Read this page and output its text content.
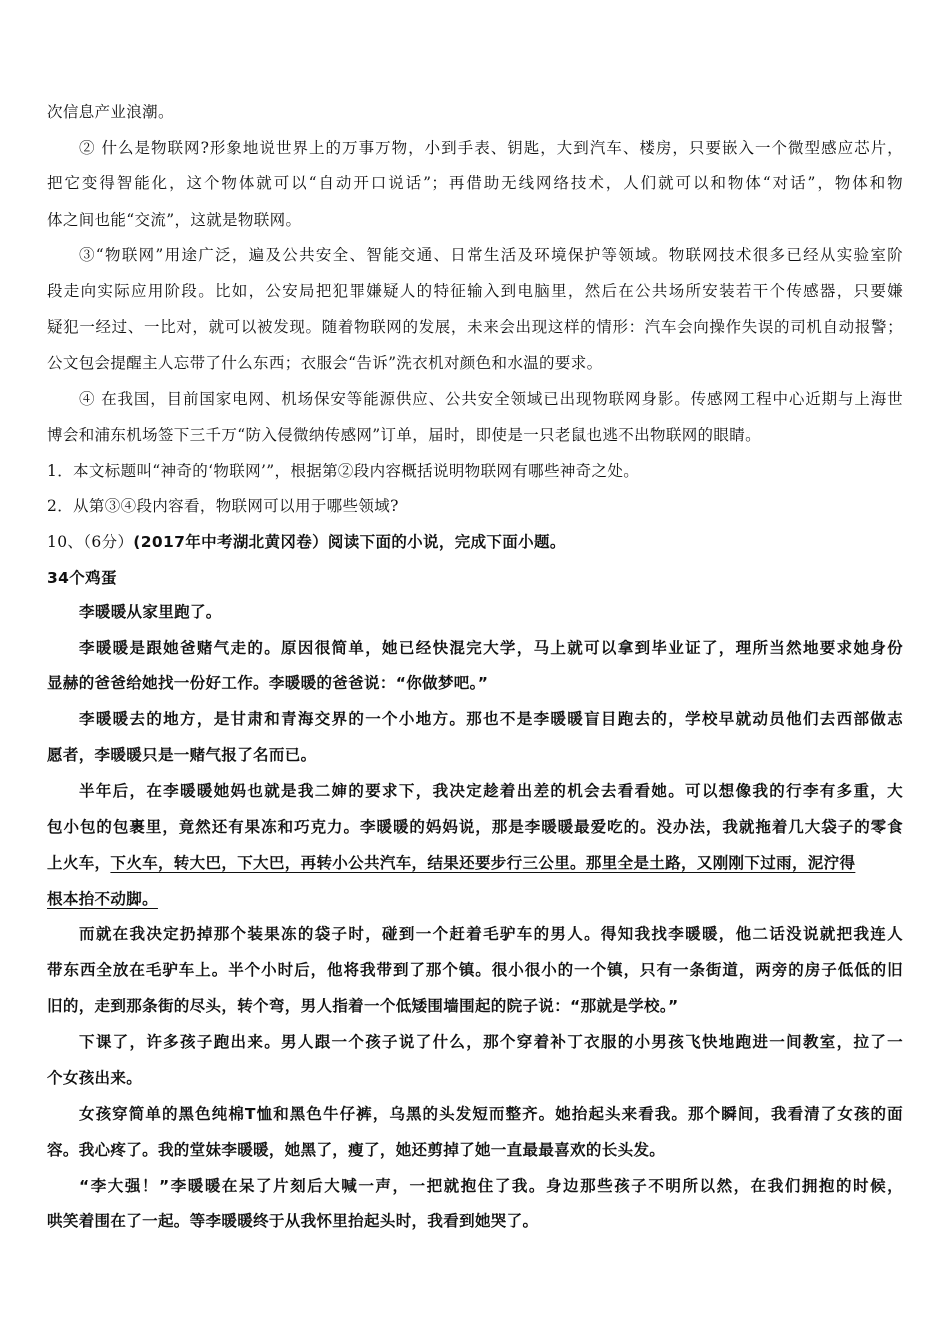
次信息产业浪潮。
② 什么是物联网?形象地说世界上的万事万物，小到手表、钥匙，大到汽车、楼房，只要嵌入一个微型感应芯片，
把它变得智能化，这个物体就可以“自动开口说话”；再借助无线网络技术，人们就可以和物体“对话”，物体和物
体之间也能“交流”，这就是物联网。
③“物联网”用途广泛，遍及公共安全、智能交通、日常生活及环境保护等领域。物联网技术很多已经从实验室阶
段走向实际应用阶段。比如，公安局把犯罪嫌疑人的特征输入到电脑里，然后在公共场所安装若干个传感器，只要嫌
疑犯一经过、一比对，就可以被发现。随着物联网的发展，未来会出现这样的情形：汽车会向操作失误的司机自动报警；
公文包会提醒主人忘带了什么东西；衣服会“告诉”洗衣机对颜色和水温的要求。
④ 在我国，目前国家电网、机场保安等能源供应、公共安全领域已出现物联网身影。传感网工程中心近期与上海世
博会和浦东机场签下三千万“防入侵微纳传感网”订单，届时，即使是一只老鼠也逃不出物联网的眼睛。
1．本文标题叫“神奇的‘物联网’”，根据第②段内容概括说明物联网有哪些神奇之处。
2．从第③④段内容看，物联网可以用于哪些领域?
10、（6分）(2017年中考湖北黄冈卷）阅读下面的小说，完成下面小题。
34个鸡蛋
李暖暖从家里跑了。
李暖暖是跟她爸赌气走的。原因很简单，她已经快混完大学，马上就可以拿到毕业证了，理所当然地要求她身份
显赫的爸爸给她找一份好工作。李暖暖的爸爸说：“你做梦吧。”
李暖暖去的地方，是甘肃和青海交界的一个小地方。那也不是李暖暖盲目跑去的，学校早就动员他们去西部做志
愿者，李暖暖只是一赌气报了名而已。
半年后，在李暖暖她妈也就是我二婶的要求下，我决定趁着出差的机会去看看她。可以想像我的行李有多重，大
包小包的包裹里，竟然还有果冻和巧克力。李暖暖的妈妈说，那是李暖暖最爱吃的。没办法，我就拖着几大袋子的零食
上火车，下火车，转大巴，下大巴，再转小公共汽车，结果还要步行三公里。那里全是土路，又刚刚下过雨，泥泞得
根本抬不动脚。
而就在我决定扔掉那个装果冻的袋子时，碰到一个赶着毛驴车的男人。得知我找李暖暖，他二话没说就把我连人
带东西全放在毛驴车上。半个小时后，他将我带到了那个镇。很小很小的一个镇，只有一条街道，两旁的房子低低的旧
旧的，走到那条街的尽头，转个弯，男人指着一个低矮围墙围起的院子说：“那就是学校。”
下课了，许多孩子跑出来。男人跟一个孩子说了什么，那个穿着补丁衣服的小男孩飞快地跑进一间教室，拉了一
个女孩出来。
女孩穿简单的黑色纯棉T恤和黑色牛仔裤，乌黑的头发短而整齐。她抬起头来看我。那个瞬间，我看清了女孩的面
容。我心疼了。我的堂妹李暖暖，她黑了，瘦了，她还剪掉了她一直最最喜欢的长头发。
“李大强！”李暖暖在呆了片刻后大喊一声，一把就抱住了我。身边那些孩子不明所以然，在我们拥抱的时候，
哄笑着围在了一起。等李暖暖终于从我怀里抬起头时，我看到她哭了。
